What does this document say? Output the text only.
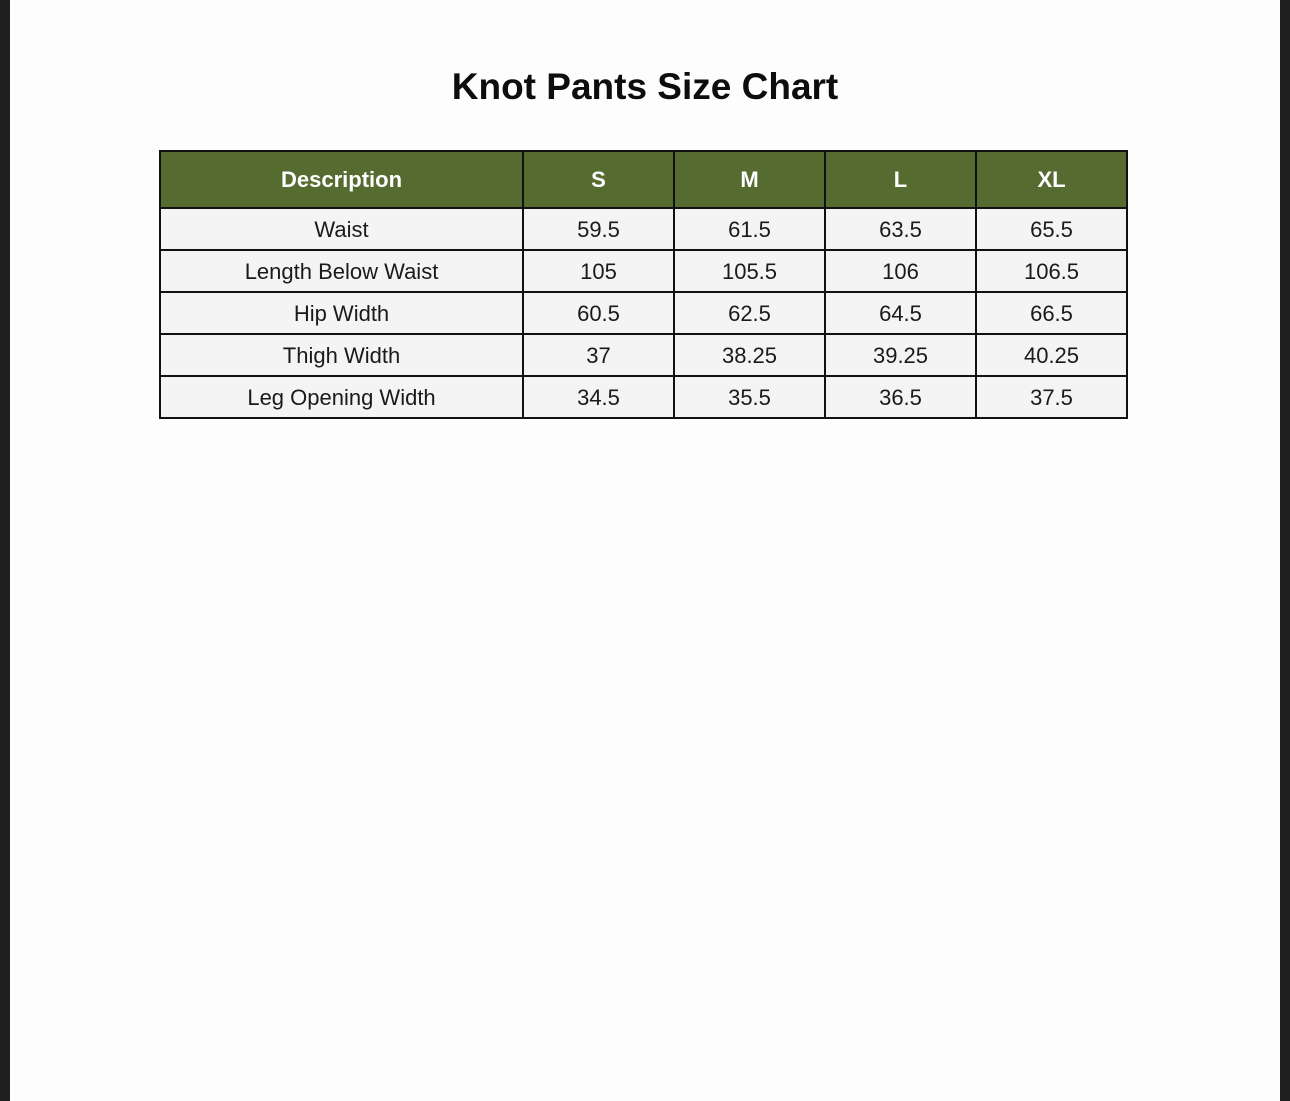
Knot Pants Size Chart
Description	S	M	L	XL
Waist	59.5	61.5	63.5	65.5
Length Below Waist	105	105.5	106	106.5
Hip Width	60.5	62.5	64.5	66.5
Thigh Width	37	38.25	39.25	40.25
Leg Opening Width	34.5	35.5	36.5	37.5
